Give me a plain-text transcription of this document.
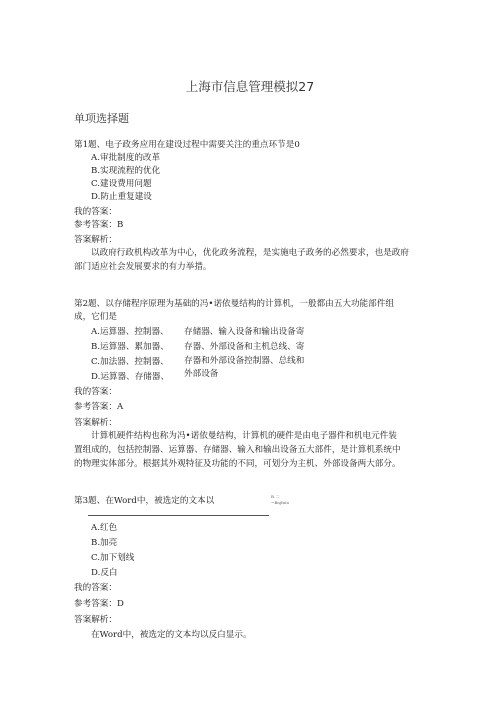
上海市信息管理模拟27
单项选择题
第1题、电子政务应用在建设过程中需要关注的重点环节是0
A.审批制度的改革
B.实现流程的优化
C.建设费用问题
D.防止重复建设
我的答案：
参考答案：B
答案解析：
以政府行政机构改革为中心，优化政务流程，是实施电子政务的必然要求，也是政府
部门适应社会发展要求的有力举措。
第2题、以存储程序原理为基础的冯•诺依曼结构的计算机，一般都由五大功能部件组
成，它们是
A.运算器、控制器、
B.运算器、累加器、
C.加法器、控制器、
D.运算器、存储器、
存储器、输入设备和输出设备寄
存器、外部设备和主机总线、寄
存器和外部设备控制器、总线和
外部设备
我的答案：
参考答案：A
答案解析：
计算机硬件结构也称为冯•诺依曼结构，计算机的硬件是由电子器件和机电元件装
置组成的，包括控制器、运算器、存储器、输入和输出设备五大部件，是计算机系统中
的物理实体部分。根据其外观特征及功能的不同，可划分为主机、外部设备两大部分。
第3题、在Word中，被选定的文本以	B.二
~Bnjfnto
A.红色
B.加亮
C.加下划线
D.反白
我的答案：
参考答案：D
答案解析：
在Word中，被选定的文本均以反白显示。
